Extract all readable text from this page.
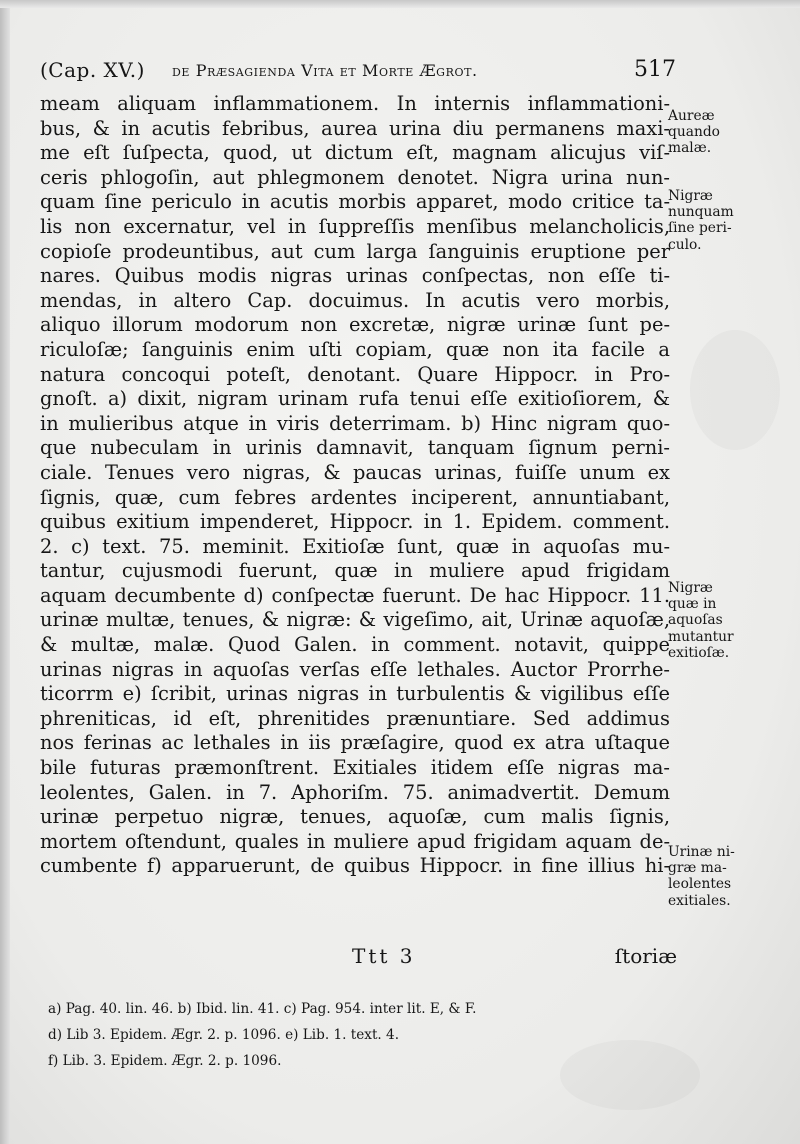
(Cap. XV.) de Præsagienda Vita et Morte Ægrot.	517
meam aliquam inflammationem. In internis inflammationi-
bus, & in acutis febribus, aurea urina diu permanens maxi-
me eſt ſuſpecta, quod, ut dictum eſt, magnam alicujus viſ-
ceris phlogoſin, aut phlegmonem denotet. Nigra urina nun-
quam ſine periculo in acutis morbis apparet, modo critice ta-
lis non excernatur, vel in ſuppreſſis menſibus melancholicis,
copioſe prodeuntibus, aut cum larga ſanguinis eruptione per
nares. Quibus modis nigras urinas conſpectas, non eſſe ti-
mendas, in altero Cap. docuimus. In acutis vero morbis,
aliquo illorum modorum non excretæ, nigræ urinæ ſunt pe-
riculoſæ; ſanguinis enim uſti copiam, quæ non ita facile a
natura concoqui poteſt, denotant. Quare Hippocr. in Pro-
gnoſt. a) dixit, nigram urinam rufa tenui eſſe exitioſiorem, &
in mulieribus atque in viris deterrimam. b) Hinc nigram quo-
que nubeculam in urinis damnavit, tanquam ſignum perni-
ciale. Tenues vero nigras, & paucas urinas, fuiſſe unum ex
ſignis, quæ, cum febres ardentes inciperent, annuntiabant,
quibus exitium impenderet, Hippocr. in 1. Epidem. comment.
2. c) text. 75. meminit. Exitioſæ ſunt, quæ in aquoſas mu-
tantur, cujusmodi fuerunt, quæ in muliere apud frigidam
aquam decumbente d) conſpectæ fuerunt. De hac Hippocr. 11.
urinæ multæ, tenues, & nigræ: & vigeſimo, ait, Urinæ aquoſæ,
& multæ, malæ. Quod Galen. in comment. notavit, quippe
urinas nigras in aquoſas verſas eſſe lethales. Auctor Prorrhe-
ticorrm e) ſcribit, urinas nigras in turbulentis & vigilibus eſſe
phreniticas, id eſt, phrenitides prænuntiare. Sed addimus
nos ferinas ac lethales in iis præſagire, quod ex atra uſtaque
bile futuras præmonſtrent. Exitiales itidem eſſe nigras ma-
leolentes, Galen. in 7. Aphoriſm. 75. animadvertit. Demum
urinæ perpetuo nigræ, tenues, aquoſæ, cum malis ſignis,
mortem oſtendunt, quales in muliere apud frigidam aquam de-
cumbente f) apparuerunt, de quibus Hippocr. in fine illius hi-
Aureæ
quando
malæ.
Nigræ
nunquam
ſine peri-
culo.
Nigræ
quæ in
aquoſas
mutantur
exitioſæ.
Urinæ ni-
græ ma-
leolentes
exitiales.
Ttt 3	ſtoriæ
a) Pag. 40. lin. 46. b) Ibid. lin. 41. c) Pag. 954. inter lit. E, & F.
d) Lib 3. Epidem. Ægr. 2. p. 1096. e) Lib. 1. text. 4.
f) Lib. 3. Epidem. Ægr. 2. p. 1096.
